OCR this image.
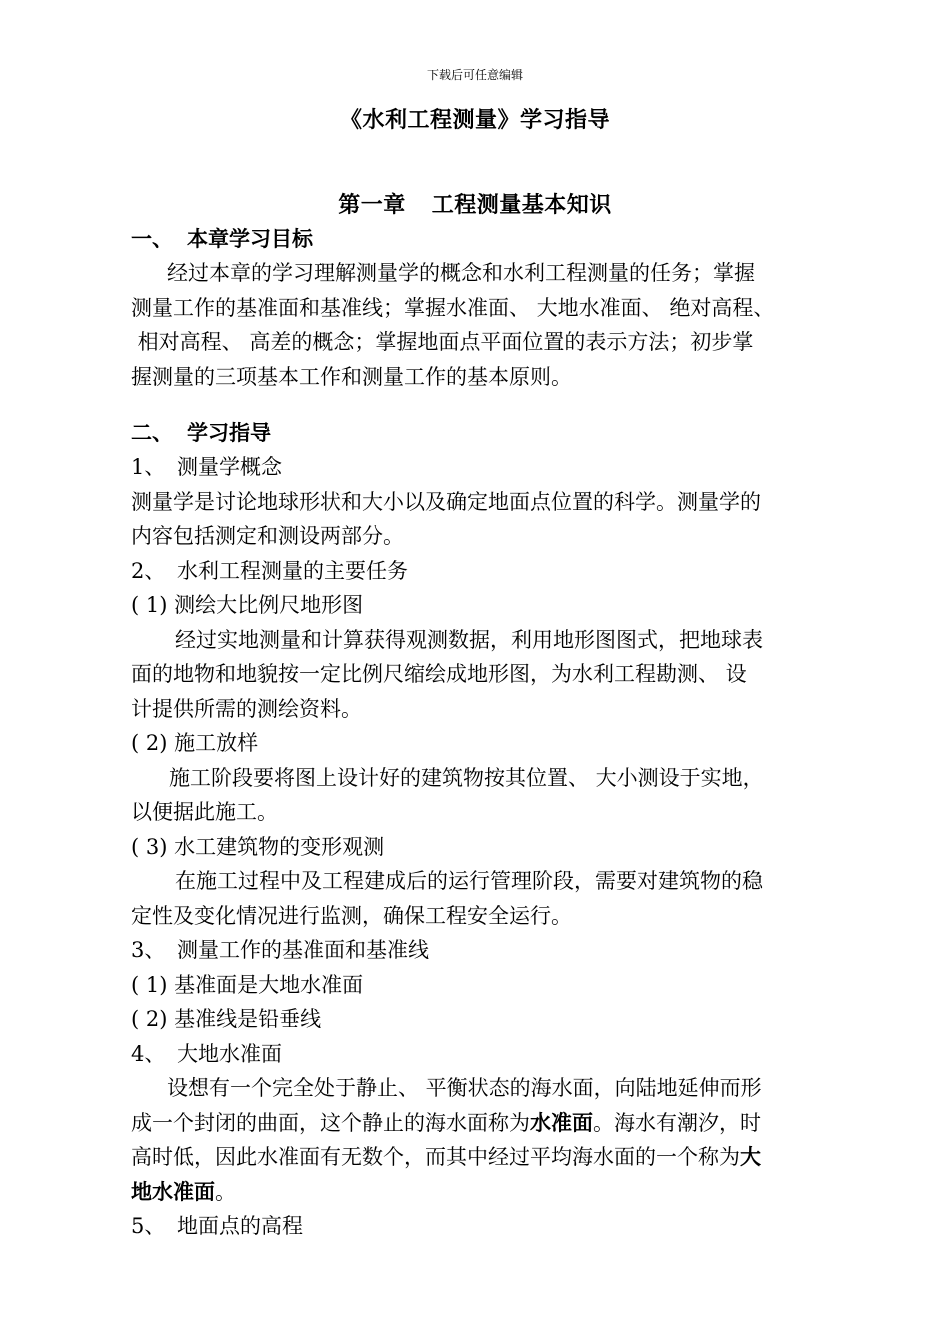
下载后可任意编辑
《水利工程测量》学习指导
第一章 工程测量基本知识
一、 本章学习目标
经过本章的学习理解测量学的概念和水利工程测量的任务；掌握
测量工作的基准面和基准线；掌握水准面、 大地水准面、 绝对高程、
相对高程、 高差的概念；掌握地面点平面位置的表示方法；初步掌
握测量的三项基本工作和测量工作的基本原则。
二、 学习指导
1、 测量学概念
测量学是讨论地球形状和大小以及确定地面点位置的科学。测量学的
内容包括测定和测设两部分。
2、 水利工程测量的主要任务
( 1) 测绘大比例尺地形图
经过实地测量和计算获得观测数据，利用地形图图式，把地球表
面的地物和地貌按一定比例尺缩绘成地形图，为水利工程勘测、 设
计提供所需的测绘资料。
( 2) 施工放样
施工阶段要将图上设计好的建筑物按其位置、 大小测设于实地，
以便据此施工。
( 3) 水工建筑物的变形观测
在施工过程中及工程建成后的运行管理阶段，需要对建筑物的稳
定性及变化情况进行监测，确保工程安全运行。
3、 测量工作的基准面和基准线
( 1) 基准面是大地水准面
( 2) 基准线是铅垂线
4、 大地水准面
设想有一个完全处于静止、 平衡状态的海水面，向陆地延伸而形
成一个封闭的曲面，这个静止的海水面称为水准面。海水有潮汐，时
高时低，因此水准面有无数个，而其中经过平均海水面的一个称为大
地水准面。
5、 地面点的高程
